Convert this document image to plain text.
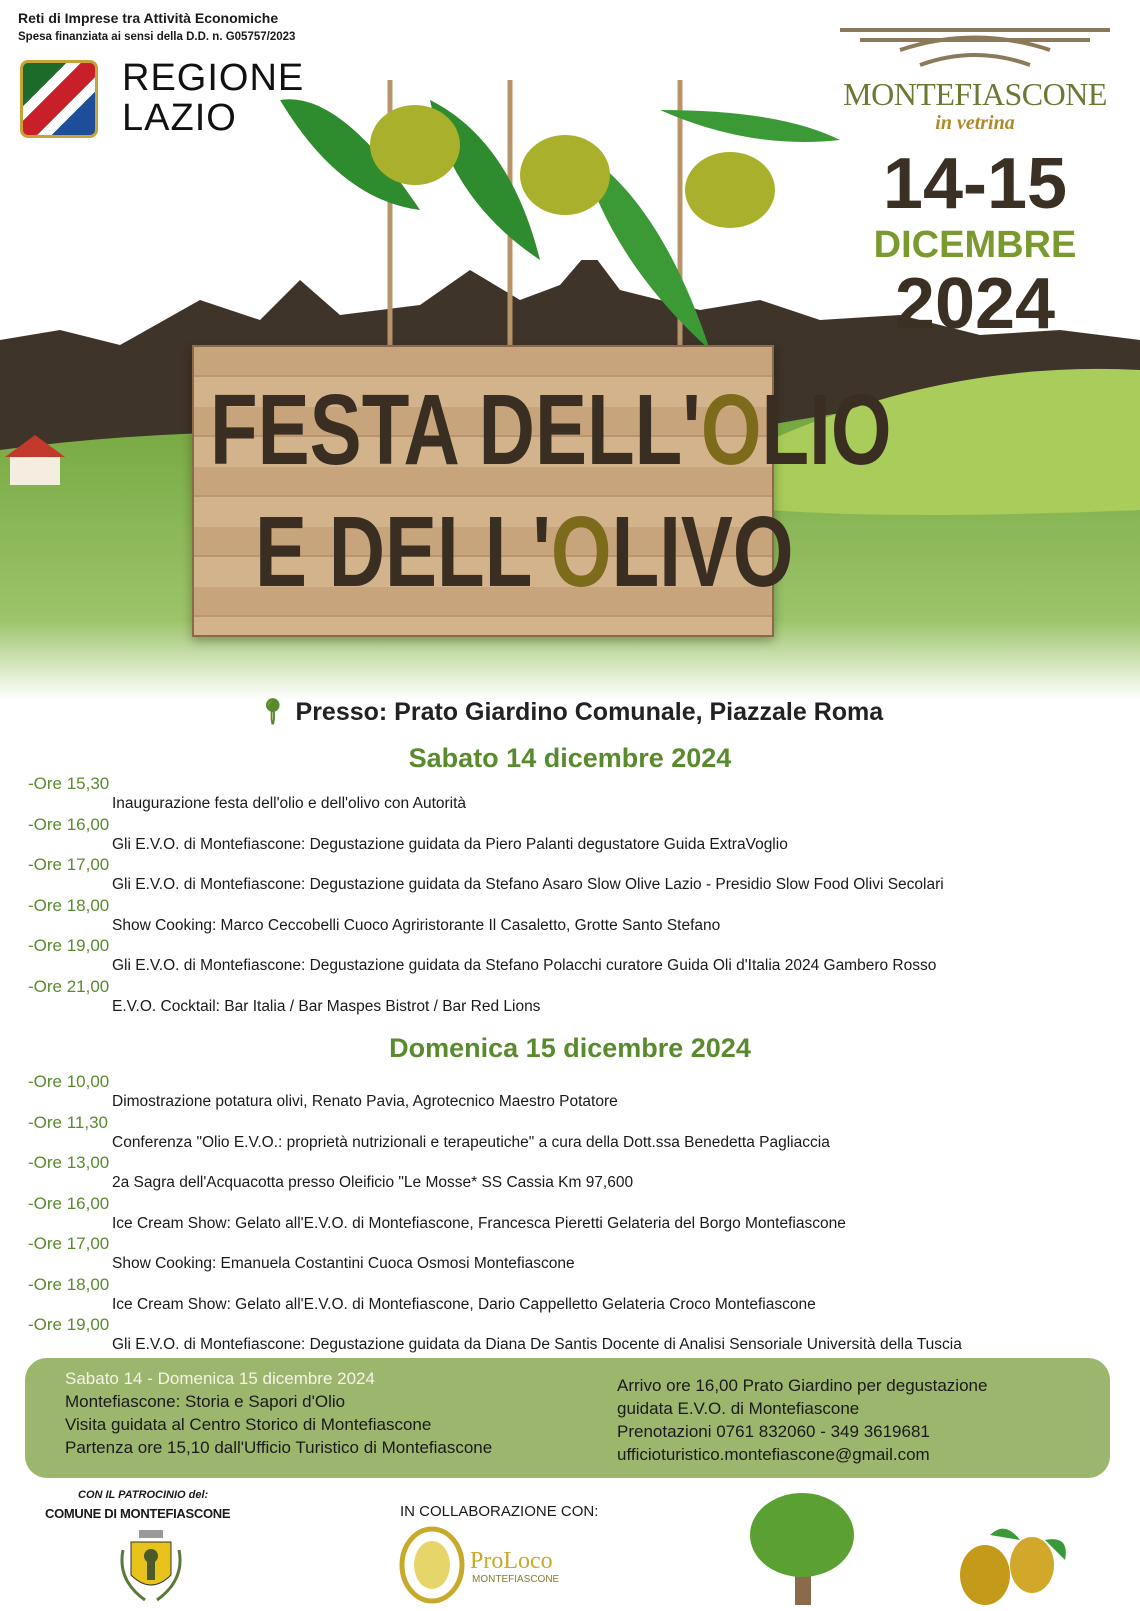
Reti di Imprese tra Attività Economiche
Spesa finanziata ai sensi della D.D. n. G05757/2023
REGIONE
LAZIO
MONTEFIASCONE
in vetrina
14-15
DICEMBRE
2024
FESTA DELL'OLIO
E DELL'OLIVO
📍︎ Presso: Prato Giardino Comunale, Piazzale Roma
Sabato 14 dicembre 2024
-Ore 15,30
Inaugurazione festa dell'olio e dell'olivo con Autorità
-Ore 16,00
Gli E.V.O. di Montefiascone: Degustazione guidata da Piero Palanti degustatore Guida ExtraVoglio
-Ore 17,00
Gli E.V.O. di Montefiascone: Degustazione guidata da Stefano Asaro Slow Olive Lazio - Presidio Slow Food Olivi Secolari
-Ore 18,00
Show Cooking: Marco Ceccobelli Cuoco Agriristorante Il Casaletto, Grotte Santo Stefano
-Ore 19,00
Gli E.V.O. di Montefiascone: Degustazione guidata da Stefano Polacchi curatore Guida Oli d'Italia 2024 Gambero Rosso
-Ore 21,00
E.V.O. Cocktail: Bar Italia / Bar Maspes Bistrot / Bar Red Lions
Domenica 15 dicembre 2024
-Ore 10,00
Dimostrazione potatura olivi, Renato Pavia, Agrotecnico Maestro Potatore
-Ore 11,30
Conferenza "Olio E.V.O.: proprietà nutrizionali e terapeutiche" a cura della Dott.ssa Benedetta Pagliaccia
-Ore 13,00
2a Sagra dell'Acquacotta presso Oleificio "Le Mosse* SS Cassia Km 97,600
-Ore 16,00
Ice Cream Show: Gelato all'E.V.O. di Montefiascone, Francesca Pieretti Gelateria del Borgo Montefiascone
-Ore 17,00
Show Cooking: Emanuela Costantini Cuoca Osmosi Montefiascone
-Ore 18,00
Ice Cream Show: Gelato all'E.V.O. di Montefiascone, Dario Cappelletto Gelateria Croco Montefiascone
-Ore 19,00
Gli E.V.O. di Montefiascone: Degustazione guidata da Diana De Santis Docente di Analisi Sensoriale Università della Tuscia
Sabato 14 - Domenica 15 dicembre 2024
Montefiascone: Storia e Sapori d'Olio
Visita guidata al Centro Storico di Montefiascone
Partenza ore 15,10 dall'Ufficio Turistico di Montefiascone
Arrivo ore 16,00 Prato Giardino per degustazione
guidata E.V.O. di Montefiascone
Prenotazioni 0761 832060 - 349 3619681
ufficioturistico.montefiascone@gmail.com
CON IL PATROCINIO del:
COMUNE DI MONTEFIASCONE	IN COLLABORAZIONE CON:
ProLoco
MONTEFIASCONE
